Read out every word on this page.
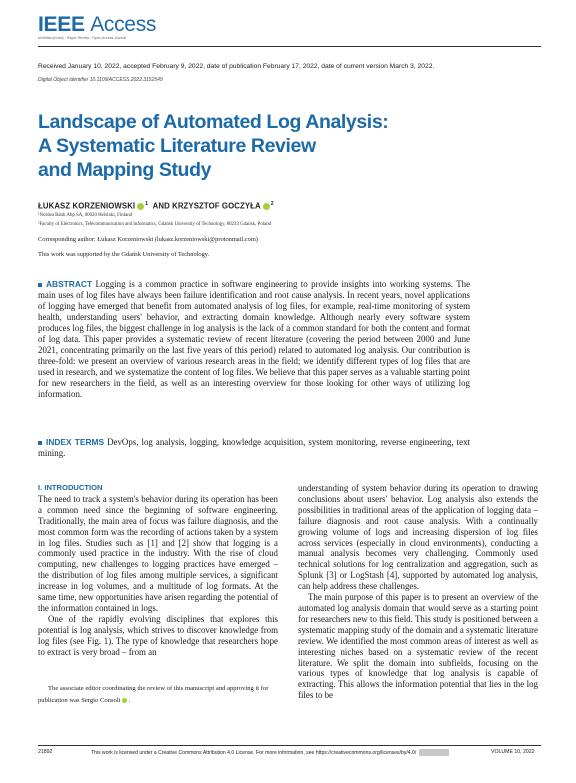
IEEE Access
Multidisciplinary : Rapid Review : Open Access Journal
Received January 10, 2022, accepted February 9, 2022, date of publication February 17, 2022, date of current version March 3, 2022.
Digital Object Identifier 10.1109/ACCESS.2022.3152549
Landscape of Automated Log Analysis:
A Systematic Literature Review
and Mapping Study
ŁUKASZ KORZENIOWSKI $^1$ AND KRZYSZTOF GOCZYŁA $^2$
¹Nordea Bank Abp SA, 00020 Helsinki, Finland
²Faculty of Electronics, Telecommunication and Informatics, Gdańsk University of Technology, 80233 Gdańsk, Poland
Corresponding author: Łukasz Korzeniowski (lukasz.korzeniowski@protonmail.com)
This work was supported by the Gdańsk University of Technology.
ABSTRACT Logging is a common practice in software engineering to provide insights into working systems. The main uses of log files have always been failure identification and root cause analysis. In recent years, novel applications of logging have emerged that benefit from automated analysis of log files, for example, real-time monitoring of system health, understanding users' behavior, and extracting domain knowledge. Although nearly every software system produces log files, the biggest challenge in log analysis is the lack of a common standard for both the content and format of log data. This paper provides a systematic review of recent literature (covering the period between 2000 and June 2021, concentrating primarily on the last five years of this period) related to automated log analysis. Our contribution is three-fold: we present an overview of various research areas in the field; we identify different types of log files that are used in research, and we systematize the content of log files. We believe that this paper serves as a valuable starting point for new researchers in the field, as well as an interesting overview for those looking for other ways of utilizing log information.
INDEX TERMS DevOps, log analysis, logging, knowledge acquisition, system monitoring, reverse engineering, text mining.
I. INTRODUCTION

The need to track a system's behavior during its operation has been a common need since the beginning of software engineering. Traditionally, the main area of focus was failure diagnosis, and the most common form was the recording of actions taken by a system in log files. Studies such as [1] and [2] show that logging is a commonly used practice in the industry. With the rise of cloud computing, new challenges to logging practices have emerged – the distribution of log files among multiple services, a significant increase in log volumes, and a multitude of log formats. At the same time, new opportunities have arisen regarding the potential of the information contained in logs.

One of the rapidly evolving disciplines that explores this potential is log analysis, which strives to discover knowledge from log files (see Fig. 1). The type of knowledge that researchers hope to extract is very broad – from an

understanding of system behavior during its operation to drawing conclusions about users' behavior. Log analysis also extends the possibilities in traditional areas of the application of logging data – failure diagnosis and root cause analysis. With a continually growing volume of logs and increasing dispersion of log files across services (especially in cloud environments), conducting a manual analysis becomes very challenging. Commonly used technical solutions for log centralization and aggregation, such as Splunk [3] or LogStash [4], supported by automated log analysis, can help address these challenges.

The main purpose of this paper is to present an overview of the automated log analysis domain that would serve as a starting point for researchers new to this field. This study is positioned between a systematic mapping study of the domain and a systematic literature review. We identified the most common areas of interest as well as interesting niches based on a systematic review of the recent literature. We split the domain into subfields, focusing on the various types of knowledge that log analysis is capable of extracting. This allows the information potential that lies in the log files to be

The associate editor coordinating the review of this manuscript and approving it for publication was Sergio Consoli .
21892	This work is licensed under a Creative Commons Attribution 4.0 License. For more information, see https://creativecommons.org/licenses/by/4.0/	VOLUME 10, 2022
